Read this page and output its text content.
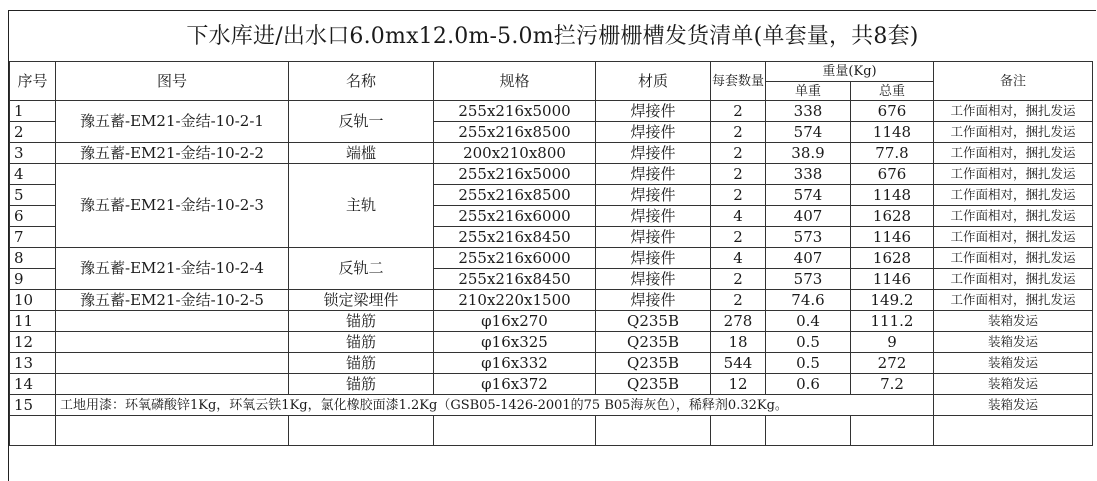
下水库进/出水口6.0mx12.0m-5.0m拦污栅栅槽发货清单(单套量，共8套)
序号	图号	名称	规格	材质	每套数量	重量(Kg)		备注
						单重	总重	
1	豫五蓄-EM21-金结-10-2-1	反轨一	255x216x5000	焊接件	2	338	676	工作面相对，捆扎发运
2			255x216x8500	焊接件	2	574	1148	工作面相对，捆扎发运
3	豫五蓄-EM21-金结-10-2-2	端槛	200x210x800	焊接件	2	38.9	77.8	工作面相对，捆扎发运
4	豫五蓄-EM21-金结-10-2-3	主轨	255x216x5000	焊接件	2	338	676	工作面相对，捆扎发运
5			255x216x8500	焊接件	2	574	1148	工作面相对，捆扎发运
6			255x216x6000	焊接件	4	407	1628	工作面相对，捆扎发运
7			255x216x8450	焊接件	2	573	1146	工作面相对，捆扎发运
8	豫五蓄-EM21-金结-10-2-4	反轨二	255x216x6000	焊接件	4	407	1628	工作面相对，捆扎发运
9			255x216x8450	焊接件	2	573	1146	工作面相对，捆扎发运
10	豫五蓄-EM21-金结-10-2-5	锁定梁埋件	210x220x1500	焊接件	2	74.6	149.2	工作面相对，捆扎发运
11		锚筋	φ16x270	Q235B	278	0.4	111.2	装箱发运
12		锚筋	φ16x325	Q235B	18	0.5	9	装箱发运
13		锚筋	φ16x332	Q235B	544	0.5	272	装箱发运
14		锚筋	φ16x372	Q235B	12	0.6	7.2	装箱发运
15	工地用漆：环氧磷酸锌1Kg，环氧云铁1Kg，氯化橡胶面漆1.2Kg（GSB05-1426-2001的75 B05海灰色），稀释剂0.32Kg。							装箱发运
